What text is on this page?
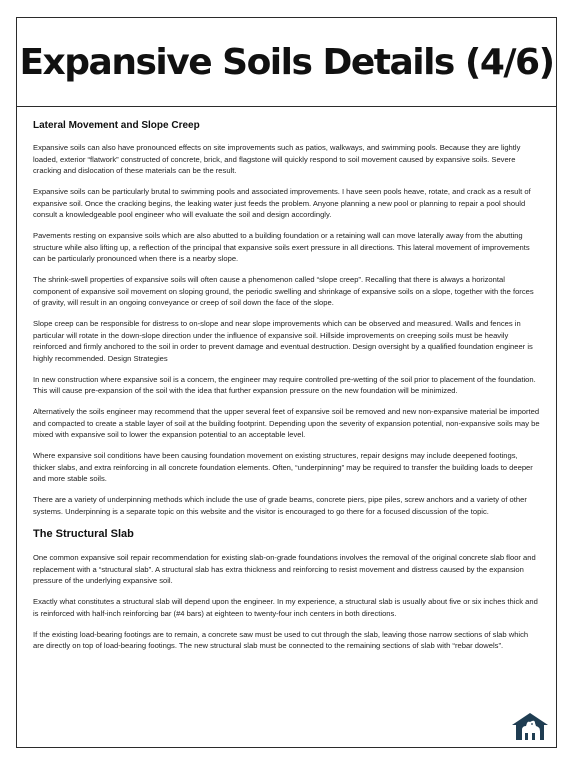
Expansive Soils Details (4/6)
Lateral Movement and Slope Creep

Expansive soils can also have pronounced effects on site improvements such as patios, walkways, and swimming pools. Because they are lightly loaded, exterior “flatwork” constructed of concrete, brick, and flagstone will quickly respond to soil movement caused by expansive soils. Severe cracking and dislocation of these materials can be the result.

Expansive soils can be particularly brutal to swimming pools and associated improvements. I have seen pools heave, rotate, and crack as a result of expansive soil. Once the cracking begins, the leaking water just feeds the problem. Anyone planning a new pool or planning to repair a pool should consult a knowledgeable pool engineer who will evaluate the soil and design accordingly.

Pavements resting on expansive soils which are also abutted to a building foundation or a retaining wall can move laterally away from the abutting structure while also lifting up, a reflection of the principal that expansive soils exert pressure in all directions. This lateral movement of improvements can be particularly pronounced when there is a nearby slope.

The shrink-swell properties of expansive soils will often cause a phenomenon called “slope creep”. Recalling that there is always a horizontal component of expansive soil movement on sloping ground, the periodic swelling and shrinkage of expansive soils on a slope, together with the forces of gravity, will result in an ongoing conveyance or creep of soil down the face of the slope.

Slope creep can be responsible for distress to on-slope and near slope improvements which can be observed and measured. Walls and fences in particular will rotate in the down-slope direction under the influence of expansive soil. Hillside improvements on creeping soils must be heavily reinforced and firmly anchored to the soil in order to prevent damage and eventual destruction. Design oversight by a qualified foundation engineer is highly recommended. Design Strategies

In new construction where expansive soil is a concern, the engineer may require controlled pre-wetting of the soil prior to placement of the foundation. This will cause pre-expansion of the soil with the idea that further expansion pressure on the new foundation will be minimized.

Alternatively the soils engineer may recommend that the upper several feet of expansive soil be removed and new non-expansive material be imported and compacted to create a stable layer of soil at the building footprint. Depending upon the severity of expansion potential, non-expansive soils may be mixed with expansive soil to lower the expansion potential to an acceptable level.

Where expansive soil conditions have been causing foundation movement on existing structures, repair designs may include deepened footings, thicker slabs, and extra reinforcing in all concrete foundation elements. Often, “underpinning” may be required to transfer the building loads to deeper and more stable soils.

There are a variety of underpinning methods which include the use of grade beams, concrete piers, pipe piles, screw anchors and a variety of other systems. Underpinning is a separate topic on this website and the visitor is encouraged to go there for a focused discussion of the topic.

The Structural Slab

One common expansive soil repair recommendation for existing slab-on-grade foundations involves the removal of the original concrete slab floor and replacement with a “structural slab”. A structural slab has extra thickness and reinforcing to resist movement and distress caused by the expansion pressure of the underlying expansive soil.

Exactly what constitutes a structural slab will depend upon the engineer. In my experience, a structural slab is usually about five or six inches thick and is reinforced with half-inch reinforcing bar (#4 bars) at eighteen to twenty-four inch centers in both directions.

If the existing load-bearing footings are to remain, a concrete saw must be used to cut through the slab, leaving those narrow sections of slab which are directly on top of load-bearing footings. The new structural slab must be connected to the remaining sections of slab with “rebar dowels”.
